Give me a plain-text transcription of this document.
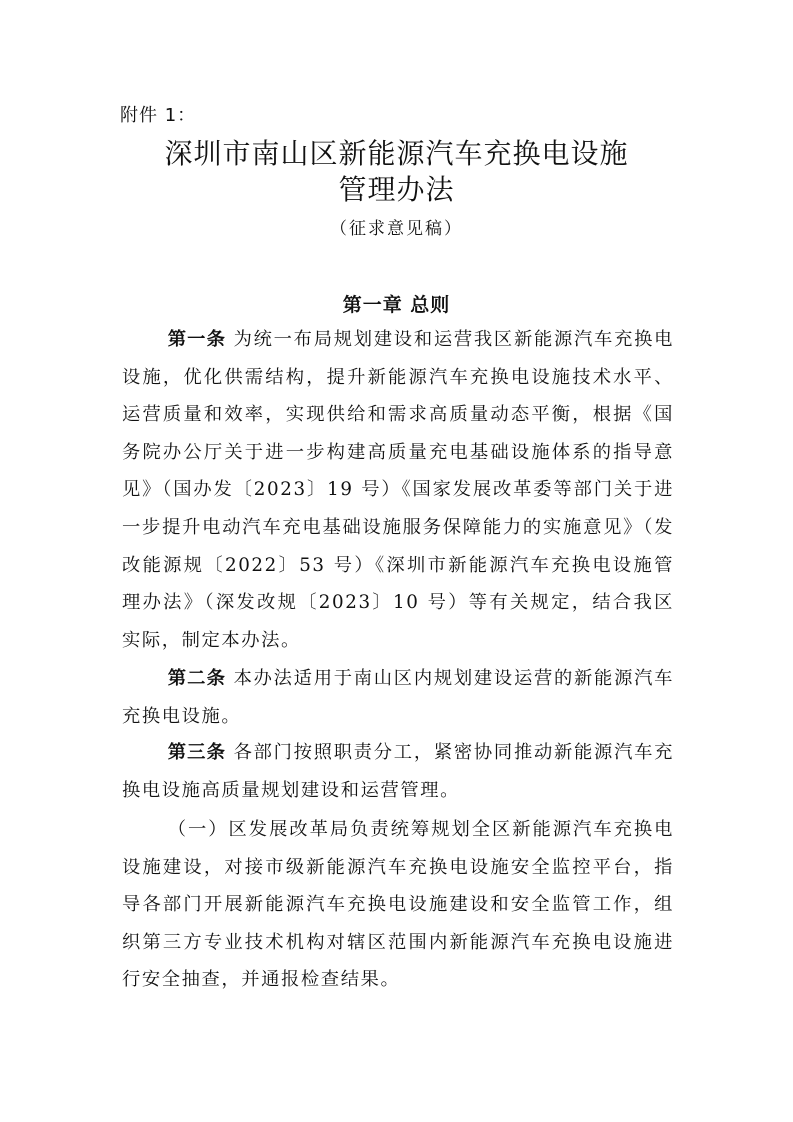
附件 1：
深圳市南山区新能源汽车充换电设施
管理办法
（征求意见稿）
第一章 总则

第一条 为统一布局规划建设和运营我区新能源汽车充换电设施，优化供需结构，提升新能源汽车充换电设施技术水平、运营质量和效率，实现供给和需求高质量动态平衡，根据《国务院办公厅关于进一步构建高质量充电基础设施体系的指导意见》（国办发〔2023〕19 号）《国家发展改革委等部门关于进一步提升电动汽车充电基础设施服务保障能力的实施意见》（发改能源规〔2022〕53 号）《深圳市新能源汽车充换电设施管理办法》（深发改规〔2023〕10 号）等有关规定，结合我区实际，制定本办法。

第二条 本办法适用于南山区内规划建设运营的新能源汽车充换电设施。

第三条 各部门按照职责分工，紧密协同推动新能源汽车充换电设施高质量规划建设和运营管理。

（一）区发展改革局负责统筹规划全区新能源汽车充换电设施建设，对接市级新能源汽车充换电设施安全监控平台，指导各部门开展新能源汽车充换电设施建设和安全监管工作，组织第三方专业技术机构对辖区范围内新能源汽车充换电设施进行安全抽查，并通报检查结果。
